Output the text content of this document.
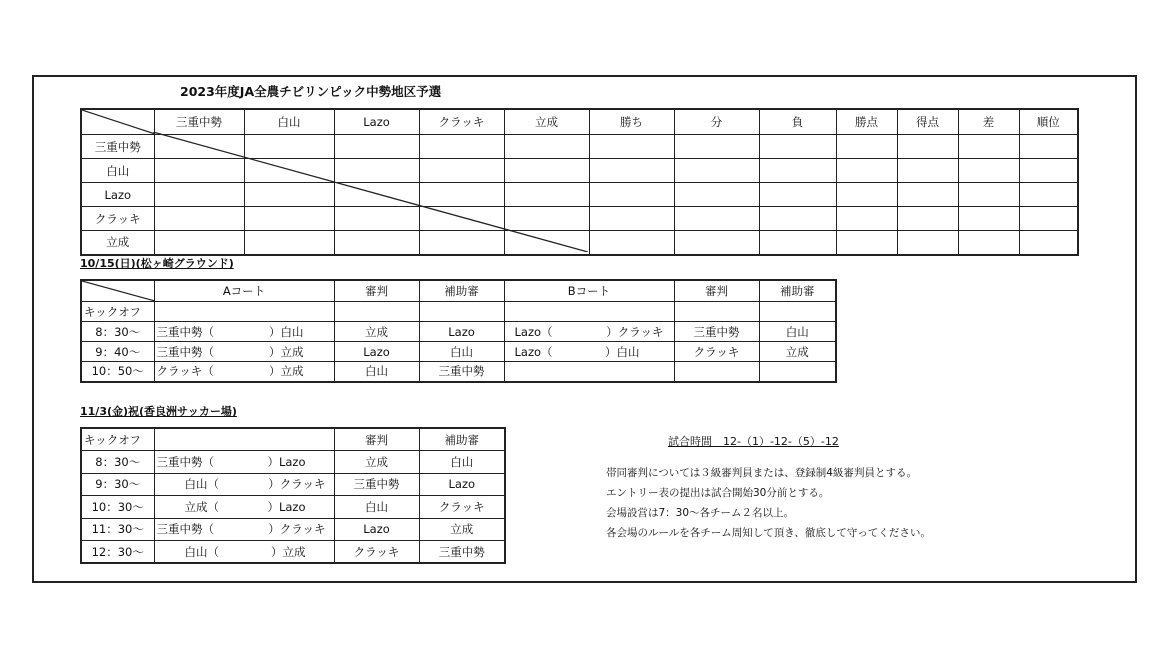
2023年度JA全農チビリンピック中勢地区予選
	三重中勢	白山	Lazo	クラッキ	立成	勝ち	分	負	勝点	得点	差	順位
三重中勢												
白山												
Lazo												
クラッキ												
立成												
10/15(日)(松ヶ崎グラウンド)
	Aコート	審判	補助審	Bコート	審判	補助審
キックオフ						
8：30～	三重中勢（ ）白山	立成	Lazo	Lazo（ ）クラッキ	三重中勢	白山
9：40～	三重中勢（ ）立成	Lazo	白山	Lazo（ ）白山	クラッキ	立成
10：50～	クラッキ（ ）立成	白山	三重中勢			
11/3(金)祝(香良洲サッカー場)
キックオフ		審判	補助審
8：30～	三重中勢（ ）Lazo	立成	白山
9：30～	白山（ ）クラッキ	三重中勢	Lazo
10：30～	立成（ ）Lazo	白山	クラッキ
11：30～	三重中勢（ ）クラッキ	Lazo	立成
12：30～	白山（ ）立成	クラッキ	三重中勢
試合時間　12-（1）-12-（5）-12
帯同審判については３級審判員または、登録制4級審判員とする。
エントリー表の提出は試合開始30分前とする。
会場設営は7：30～各チーム２名以上。
各会場のルールを各チーム周知して頂き、徹底して守ってください。
